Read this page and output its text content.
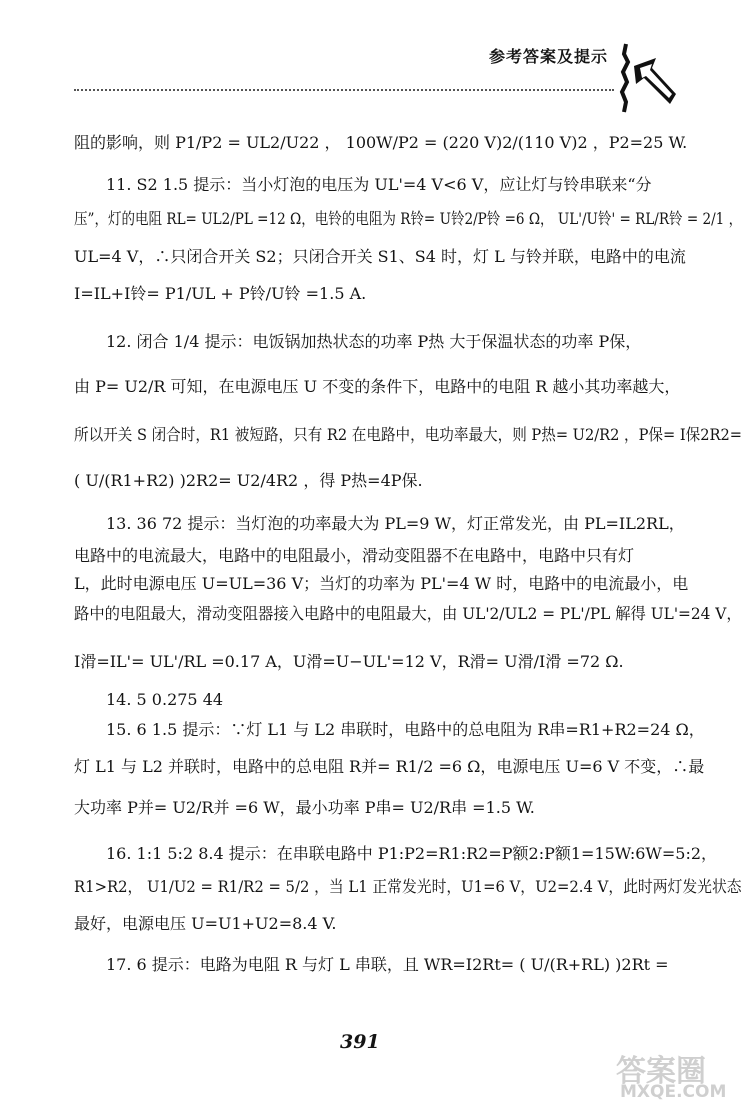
参考答案及提示
阻的影响，则 P1/P2 = UL2/U22 ， 100W/P2 = (220 V)2/(110 V)2 ，P2=25 W.
11. S2 1.5 提示：当小灯泡的电压为 UL'=4 V<6 V，应让灯与铃串联来“分
压”，灯的电阻 RL= UL2/PL =12 Ω，电铃的电阻为 R铃= U铃2/P铃 =6 Ω， UL'/U铃' = RL/R铃 = 2/1 ，
UL=4 V，∴只闭合开关 S2；只闭合开关 S1、S4 时，灯 L 与铃并联，电路中的电流
I=IL+I铃= P1/UL + P铃/U铃 =1.5 A.
12. 闭合 1/4 提示：电饭锅加热状态的功率 P热 大于保温状态的功率 P保，
由 P= U2/R 可知，在电源电压 U 不变的条件下，电路中的电阻 R 越小其功率越大，
所以开关 S 闭合时，R1 被短路，只有 R2 在电路中，电功率最大，则 P热= U2/R2 ，P保= I保2R2=
( U/(R1+R2) )2R2= U2/4R2 ，得 P热=4P保.
13. 36 72 提示：当灯泡的功率最大为 PL=9 W，灯正常发光，由 PL=IL2RL，
电路中的电流最大，电路中的电阻最小，滑动变阻器不在电路中，电路中只有灯
L，此时电源电压 U=UL=36 V；当灯的功率为 PL'=4 W 时，电路中的电流最小，电
路中的电阻最大，滑动变阻器接入电路中的电阻最大，由 UL'2/UL2 = PL'/PL 解得 UL'=24 V，
I滑=IL'= UL'/RL =0.17 A，U滑=U−UL'=12 V，R滑= U滑/I滑 =72 Ω.
14. 5 0.275 44
15. 6 1.5 提示：∵灯 L1 与 L2 串联时，电路中的总电阻为 R串=R1+R2=24 Ω，
灯 L1 与 L2 并联时，电路中的总电阻 R并= R1/2 =6 Ω，电源电压 U=6 V 不变，∴最
大功率 P并= U2/R并 =6 W，最小功率 P串= U2/R串 =1.5 W.
16. 1:1 5:2 8.4 提示：在串联电路中 P1:P2=R1:R2=P额2:P额1=15W:6W=5:2，
R1>R2， U1/U2 = R1/R2 = 5/2 ，当 L1 正常发光时，U1=6 V，U2=2.4 V，此时两灯发光状态
最好，电源电压 U=U1+U2=8.4 V.
17. 6 提示：电路为电阻 R 与灯 L 串联，且 WR=I2Rt= ( U/(R+RL) )2Rt =
391
答案圈
MXQE.COM
